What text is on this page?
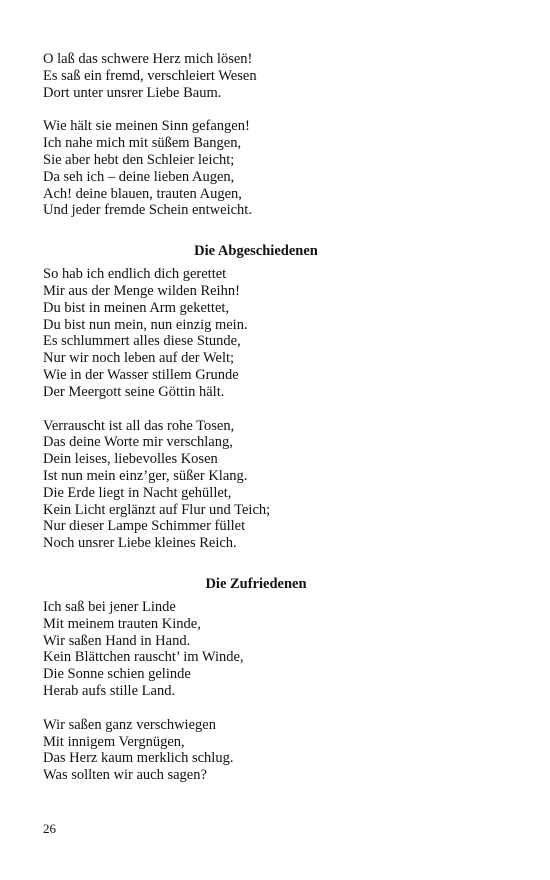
O laß das schwere Herz mich lösen!
Es saß ein fremd, verschleiert Wesen
Dort unter unsrer Liebe Baum.
Wie hält sie meinen Sinn gefangen!
Ich nahe mich mit süßem Bangen,
Sie aber hebt den Schleier leicht;
Da seh ich – deine lieben Augen,
Ach! deine blauen, trauten Augen,
Und jeder fremde Schein entweicht.
Die Abgeschiedenen
So hab ich endlich dich gerettet
Mir aus der Menge wilden Reihn!
Du bist in meinen Arm gekettet,
Du bist nun mein, nun einzig mein.
Es schlummert alles diese Stunde,
Nur wir noch leben auf der Welt;
Wie in der Wasser stillem Grunde
Der Meergott seine Göttin hält.
Verrauscht ist all das rohe Tosen,
Das deine Worte mir verschlang,
Dein leises, liebevolles Kosen
Ist nun mein einz’ger, süßer Klang.
Die Erde liegt in Nacht gehüllet,
Kein Licht erglänzt auf Flur und Teich;
Nur dieser Lampe Schimmer füllet
Noch unsrer Liebe kleines Reich.
Die Zufriedenen
Ich saß bei jener Linde
Mit meinem trauten Kinde,
Wir saßen Hand in Hand.
Kein Blättchen rauscht’ im Winde,
Die Sonne schien gelinde
Herab aufs stille Land.
Wir saßen ganz verschwiegen
Mit innigem Vergnügen,
Das Herz kaum merklich schlug.
Was sollten wir auch sagen?
26
